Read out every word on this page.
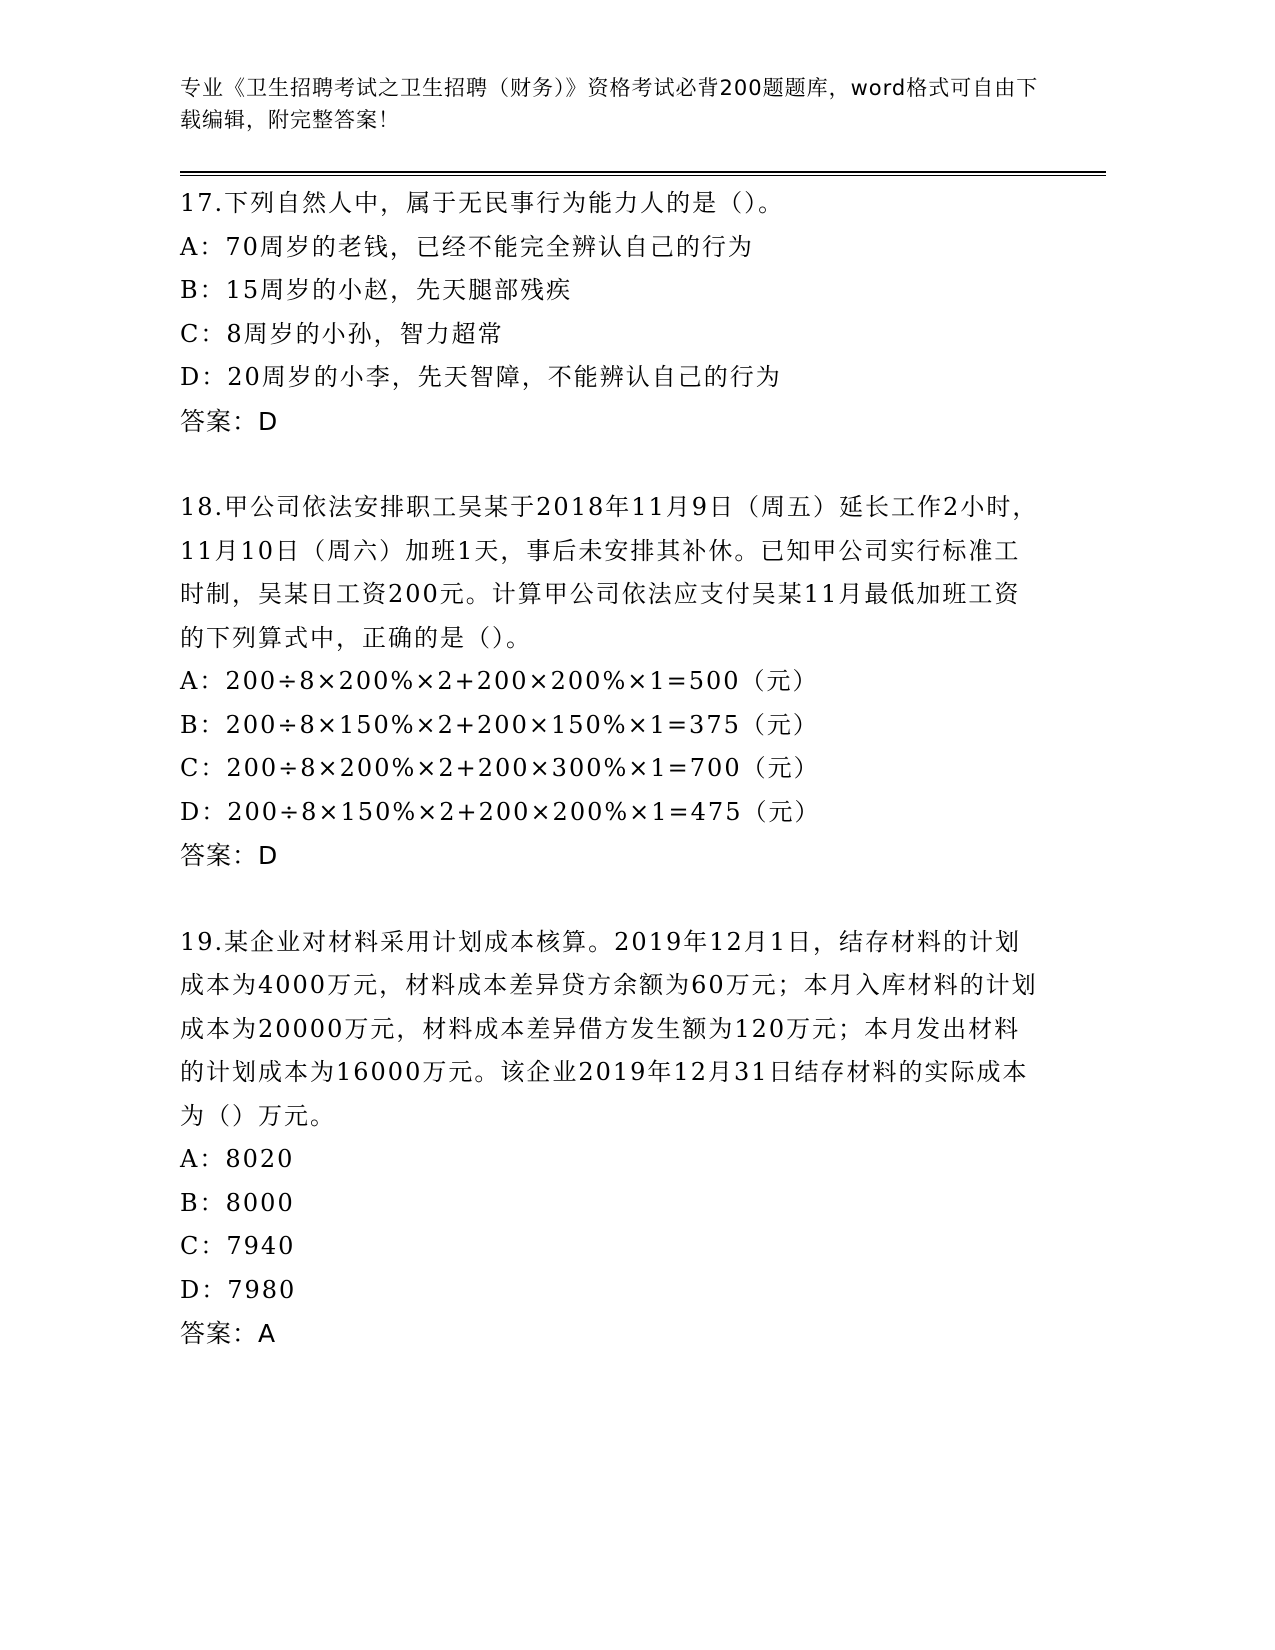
专业《卫生招聘考试之卫生招聘（财务）》资格考试必背200题题库，word格式可自由下载编辑，附完整答案！

17.下列自然人中，属于无民事行为能力人的是（）。

A：70周岁的老钱，已经不能完全辨认自己的行为

B：15周岁的小赵，先天腿部残疾

C：8周岁的小孙，智力超常

D：20周岁的小李，先天智障，不能辨认自己的行为

答案：D

18.甲公司依法安排职工吴某于2018年11月9日（周五）延长工作2小时，11月10日（周六）加班1天，事后未安排其补休。已知甲公司实行标准工时制，吴某日工资200元。计算甲公司依法应支付吴某11月最低加班工资的下列算式中，正确的是（）。

A：200÷8×200%×2+200×200%×1=500（元）

B：200÷8×150%×2+200×150%×1=375（元）

C：200÷8×200%×2+200×300%×1=700（元）

D：200÷8×150%×2+200×200%×1=475（元）

答案：D

19.某企业对材料采用计划成本核算。2019年12月1日，结存材料的计划成本为4000万元，材料成本差异贷方余额为60万元；本月入库材料的计划成本为20000万元，材料成本差异借方发生额为120万元；本月发出材料的计划成本为16000万元。该企业2019年12月31日结存材料的实际成本为（）万元。

A：8020

B：8000

C：7940

D：7980

答案：A
